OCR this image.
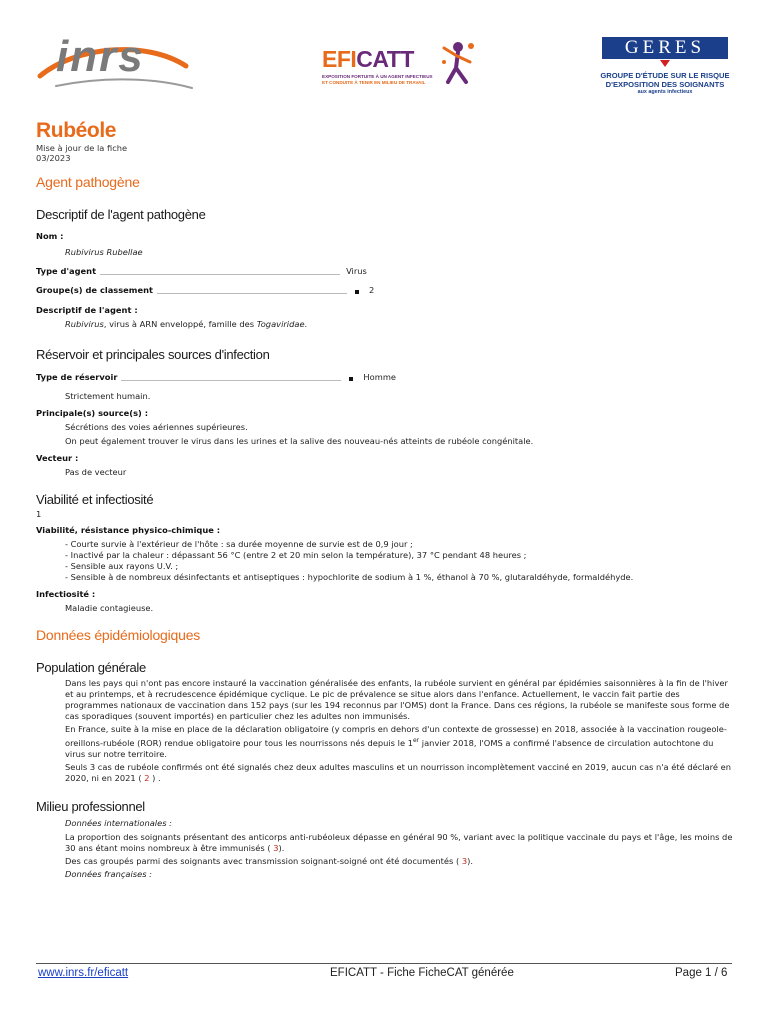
inrs	EFICATT
EXPOSITION FORTUITE À UN AGENT INFECTIEUX
ET CONDUITE À TENIR EN MILIEU DE TRAVAIL
GERES
GROUPE D'ÉTUDE SUR LE RISQUE
D'EXPOSITION DES SOIGNANTS
aux agents infectieux
Rubéole
Mise à jour de la fiche
03/2023
Agent pathogène
Descriptif de l'agent pathogène
Nom :
Rubivirus Rubellae
Type d'agent	Virus
Groupe(s) de classement	2
Descriptif de l'agent :
Rubivirus, virus à ARN enveloppé, famille des Togaviridae.
Réservoir et principales sources d'infection
Type de réservoir	Homme
Strictement humain.
Principale(s) source(s) :
Sécrétions des voies aériennes supérieures.
On peut également trouver le virus dans les urines et la salive des nouveau-nés atteints de rubéole congénitale.
Vecteur :
Pas de vecteur
Viabilité et infectiosité
1
Viabilité, résistance physico-chimique :
- Courte survie à l'extérieur de l'hôte : sa durée moyenne de survie est de 0,9 jour ;
- Inactivé par la chaleur : dépassant 56 °C (entre 2 et 20 min selon la température), 37 °C pendant 48 heures ;
- Sensible aux rayons U.V. ;
- Sensible à de nombreux désinfectants et antiseptiques : hypochlorite de sodium à 1 %, éthanol à 70 %, glutaraldéhyde, formaldéhyde.
Infectiosité :
Maladie contagieuse.
Données épidémiologiques
Population générale

Dans les pays qui n'ont pas encore instauré la vaccination généralisée des enfants, la rubéole survient en général par épidémies saisonnières à la fin de l'hiver et au printemps, et à recrudescence épidémique cyclique. Le pic de prévalence se situe alors dans l'enfance. Actuellement, le vaccin fait partie des programmes nationaux de vaccination dans 152 pays (sur les 194 reconnus par l'OMS) dont la France. Dans ces régions, la rubéole se manifeste sous forme de cas sporadiques (souvent importés) en particulier chez les adultes non immunisés.

En France, suite à la mise en place de la déclaration obligatoire (y compris en dehors d'un contexte de grossesse) en 2018, associée à la vaccination rougeole-oreillons-rubéole (ROR) rendue obligatoire pour tous les nourrissons nés depuis le 1er janvier 2018, l'OMS a confirmé l'absence de circulation autochtone du virus sur notre territoire.

Seuls 3 cas de rubéole confirmés ont été signalés chez deux adultes masculins et un nourrisson incomplètement vacciné en 2019, aucun cas n'a été déclaré en 2020, ni en 2021 ( 2 ) .

Milieu professionnel
Données internationales :

La proportion des soignants présentant des anticorps anti-rubéoleux dépasse en général 90 %, variant avec la politique vaccinale du pays et l'âge, les moins de 30 ans étant moins nombreux à être immunisés ( 3).

Des cas groupés parmi des soignants avec transmission soignant-soigné ont été documentés ( 3).

Données françaises :
www.inrs.fr/eficatt	EFICATT - Fiche FicheCAT générée	Page 1 / 6
